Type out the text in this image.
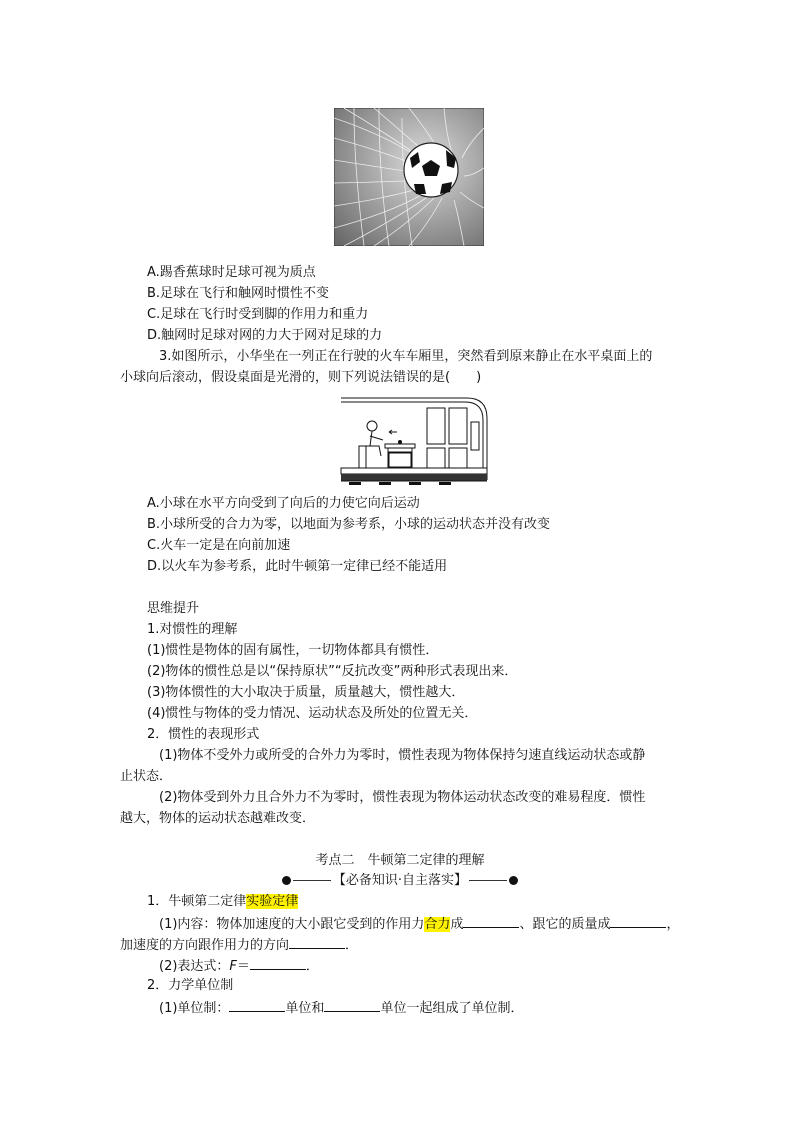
A.踢香蕉球时足球可视为质点
B.足球在飞行和触网时惯性不变
C.足球在飞行时受到脚的作用力和重力
D.触网时足球对网的力大于网对足球的力
3.如图所示，小华坐在一列正在行驶的火车车厢里，突然看到原来静止在水平桌面上的
小球向后滚动，假设桌面是光滑的，则下列说法错误的是(　　)
A.小球在水平方向受到了向后的力使它向后运动
B.小球所受的合力为零，以地面为参考系，小球的运动状态并没有改变
C.火车一定是在向前加速
D.以火车为参考系，此时牛顿第一定律已经不能适用
思维提升
1.对惯性的理解
(1)惯性是物体的固有属性，一切物体都具有惯性．
(2)物体的惯性总是以“保持原状”“反抗改变”两种形式表现出来．
(3)物体惯性的大小取决于质量，质量越大，惯性越大．
(4)惯性与物体的受力情况、运动状态及所处的位置无关．
2．惯性的表现形式
(1)物体不受外力或所受的合外力为零时，惯性表现为物体保持匀速直线运动状态或静
止状态．
(2)物体受到外力且合外力不为零时，惯性表现为物体运动状态改变的难易程度．惯性
越大，物体的运动状态越难改变．
考点二　牛顿第二定律的理解
【必备知识·自主落实】
1．牛顿第二定律实验定律
(1)内容：物体加速度的大小跟它受到的作用力合力成	、跟它的质量成	，
加速度的方向跟作用力的方向	．
(2)表达式：F＝	．
2．力学单位制
(1)单位制：	单位和	单位一起组成了单位制．
